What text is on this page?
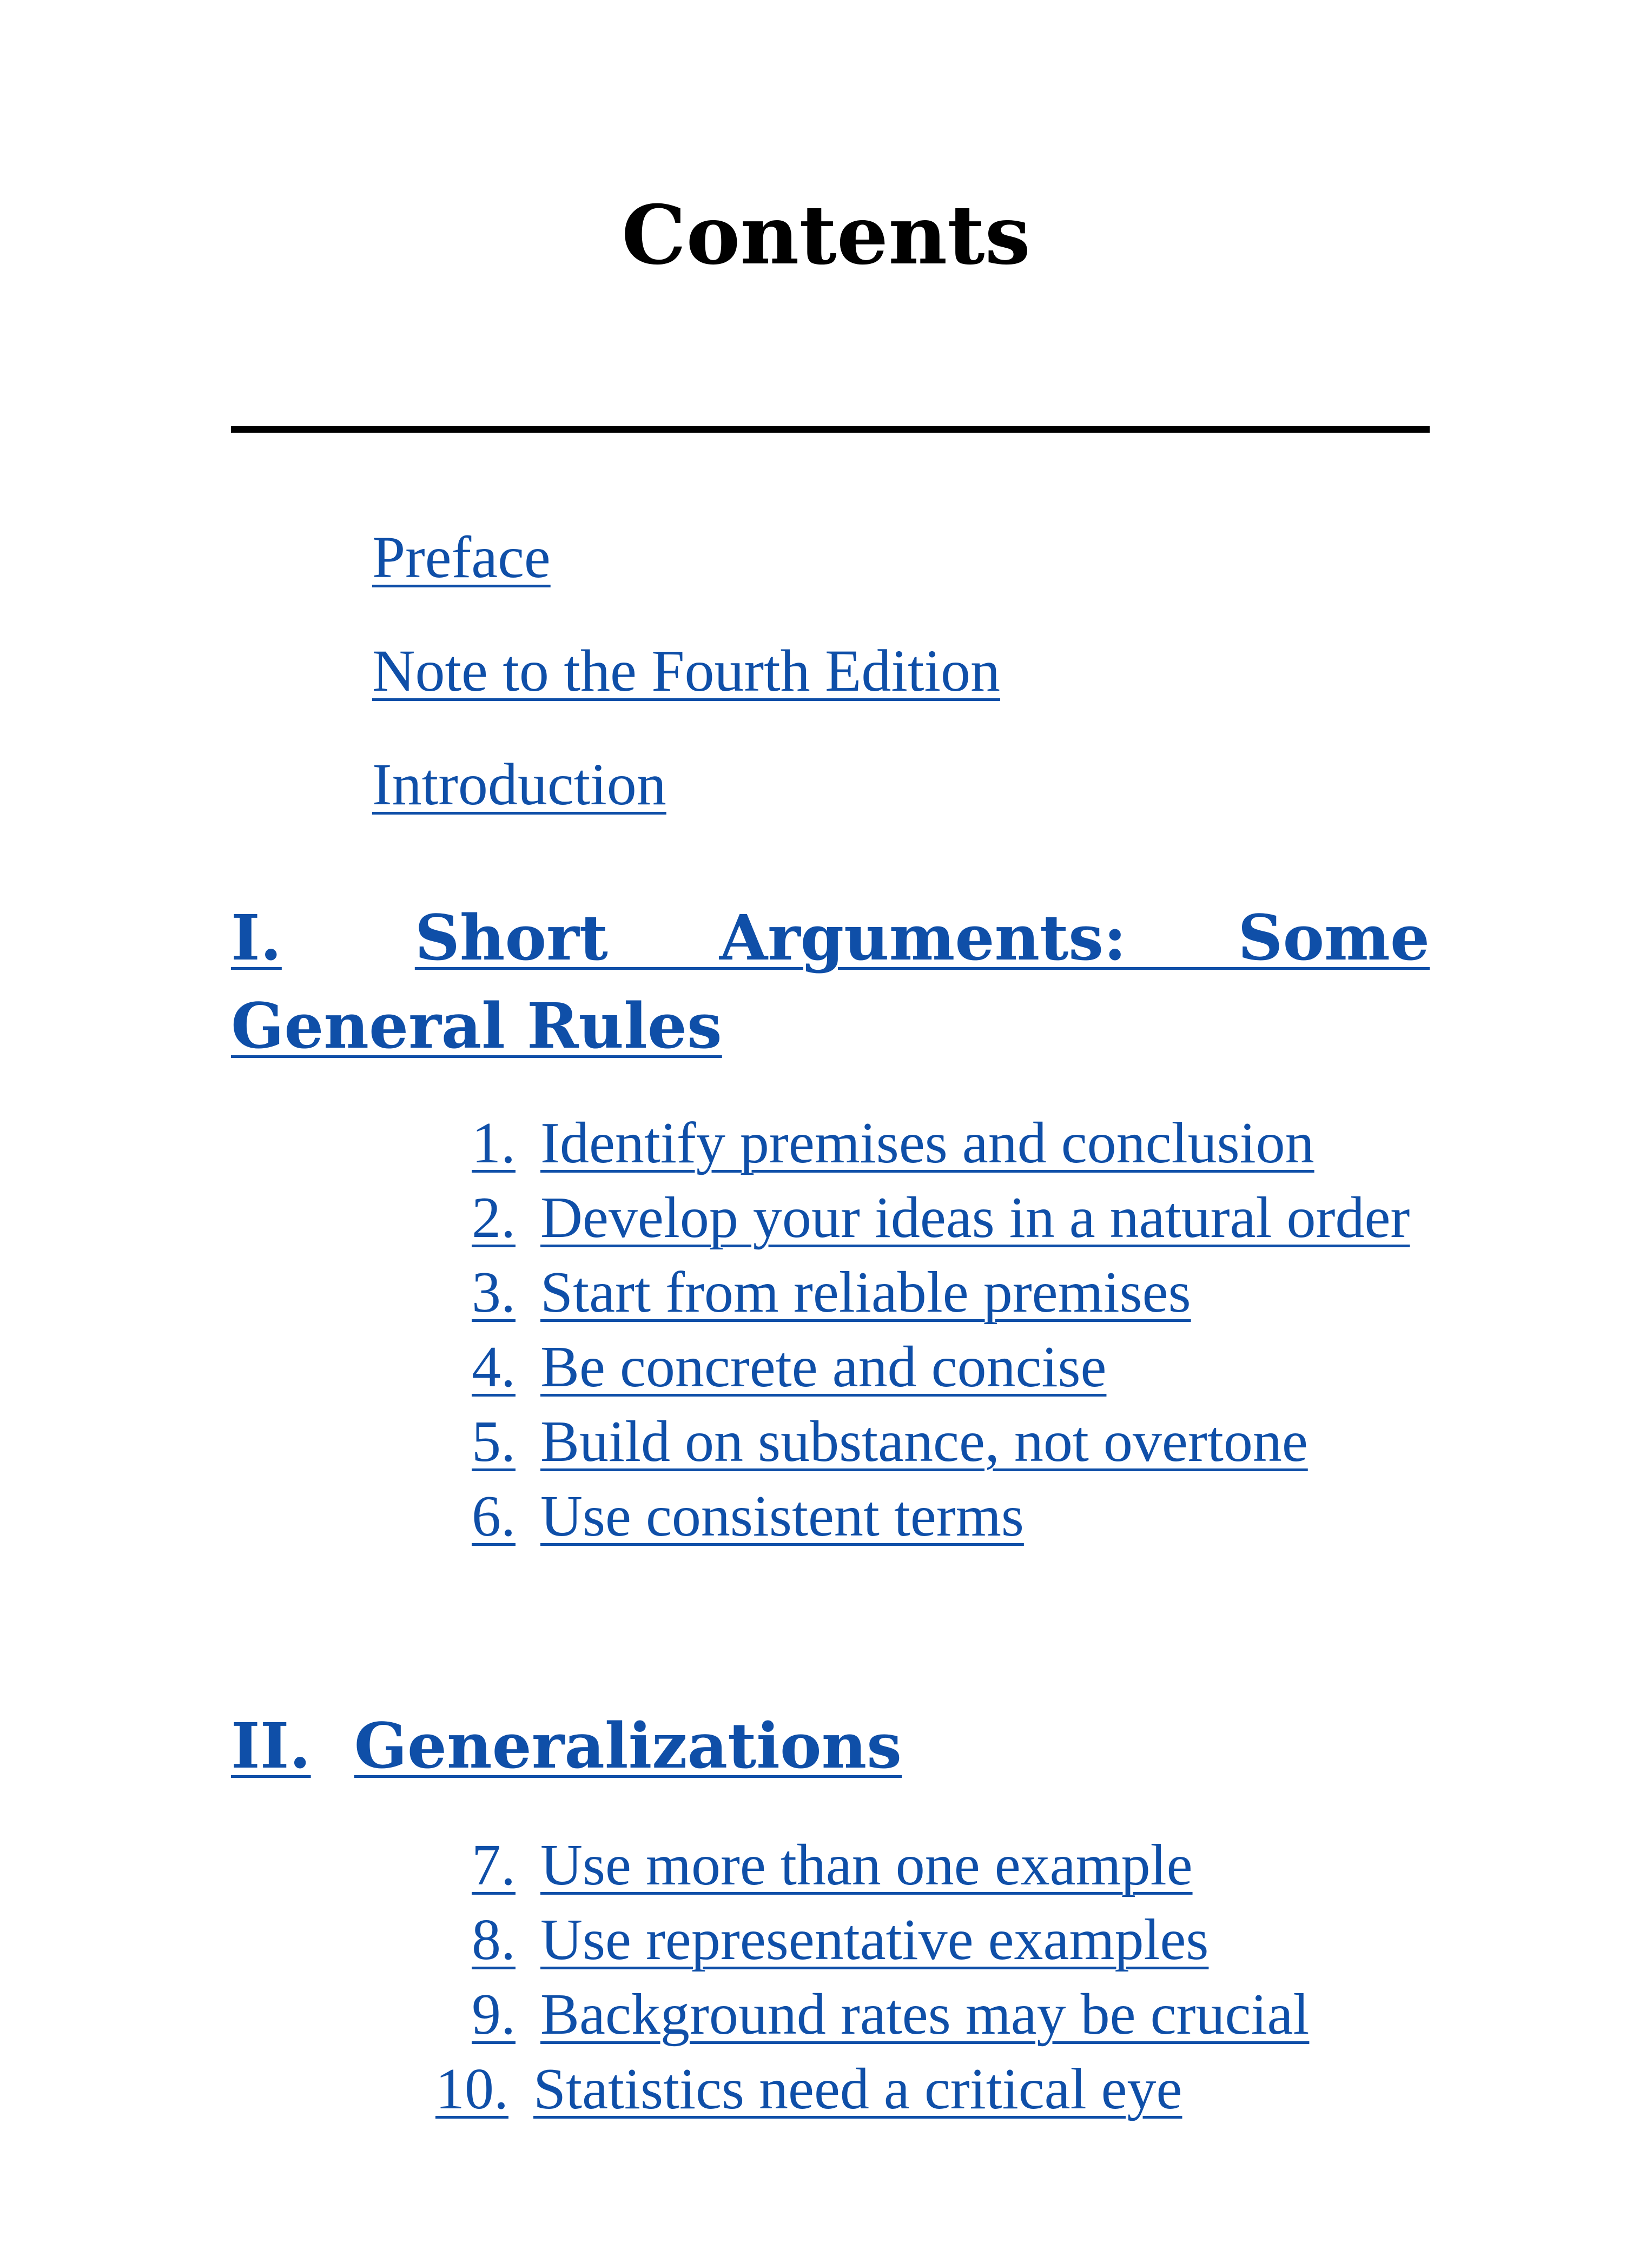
Contents
Preface
Note to the Fourth Edition
Introduction
I. Short Arguments: Some General Rules
1. Identify premises and conclusion
2. Develop your ideas in a natural order
3. Start from reliable premises
4. Be concrete and concise
5. Build on substance, not overtone
6. Use consistent terms
II. Generalizations
7. Use more than one example
8. Use representative examples
9. Background rates may be crucial
10. Statistics need a critical eye
